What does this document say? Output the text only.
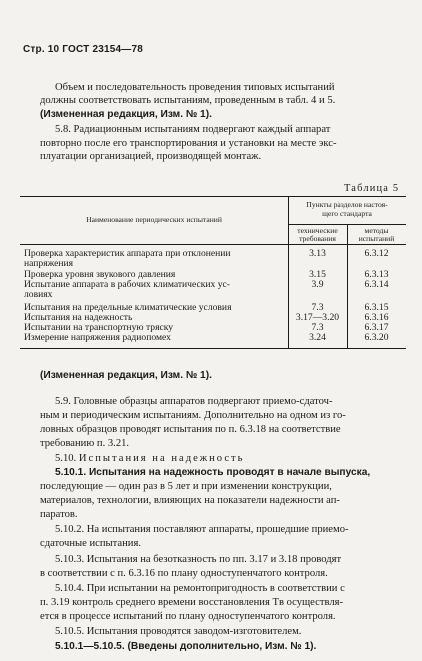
Стр. 10 ГОСТ 23154—78
Объем и последовательность проведения типовых испытаний
должны соответствовать испытаниям, проведенным в табл. 4 и 5.
(Измененная редакция, Изм. № 1).
5.8. Радиационным испытаниям подвергают каждый аппарат
повторно после его транспортирования и установки на месте экс-
плуатации организацией, производящей монтаж.
Таблица 5
Наименование периодических испытаний
Пункты разделов настоя-
щего стандарта
технические
требования
методы
испытаний
Проверка характеристик аппарата при отклонении
напряжения
3.13	6.3.12
Проверка уровня звукового давления	3.15	6.3.13
Испытание аппарата в рабочих климатических ус-
ловиях
3.9	6.3.14
Испытания на предельные климатические условия	7.3	6.3.15
Испытания на надежность	3.17—3.20	6.3.16
Испытании на транспортную тряску	7.3	6.3.17
Измерение напряжения радиопомех	3.24	6.3.20
(Измененная редакция, Изм. № 1).
5.9. Головные образцы аппаратов подвергают приемо-сдаточ-
ным и периодическим испытаниям. Дополнительно на одном из го-
ловных образцов проводят испытания по п. 6.3.18 на соответствие
требованию п. 3.21.
5.10. Испытания на надежность
5.10.1. Испытания на надежность проводят в начале выпуска,
последующие — один раз в 5 лет и при изменении конструкции,
материалов, технологии, влияющих на показатели надежности ап-
паратов.
5.10.2. На испытания поставляют аппараты, прошедшие приемо-
сдаточные испытания.
5.10.3. Испытания на безотказность по пп. 3.17 и 3.18 проводят
в соответствии с п. 6.3.16 по плану одноступенчатого контроля.
5.10.4. При испытании на ремонтопригодность в соответствии с
п. 3.19 контроль среднего времени восстановления Tв осуществля-
ется в процессе испытаний по плану одноступенчатого контроля.
5.10.5. Испытания проводятся заводом-изготовителем.
5.10.1—5.10.5. (Введены дополнительно, Изм. № 1).
